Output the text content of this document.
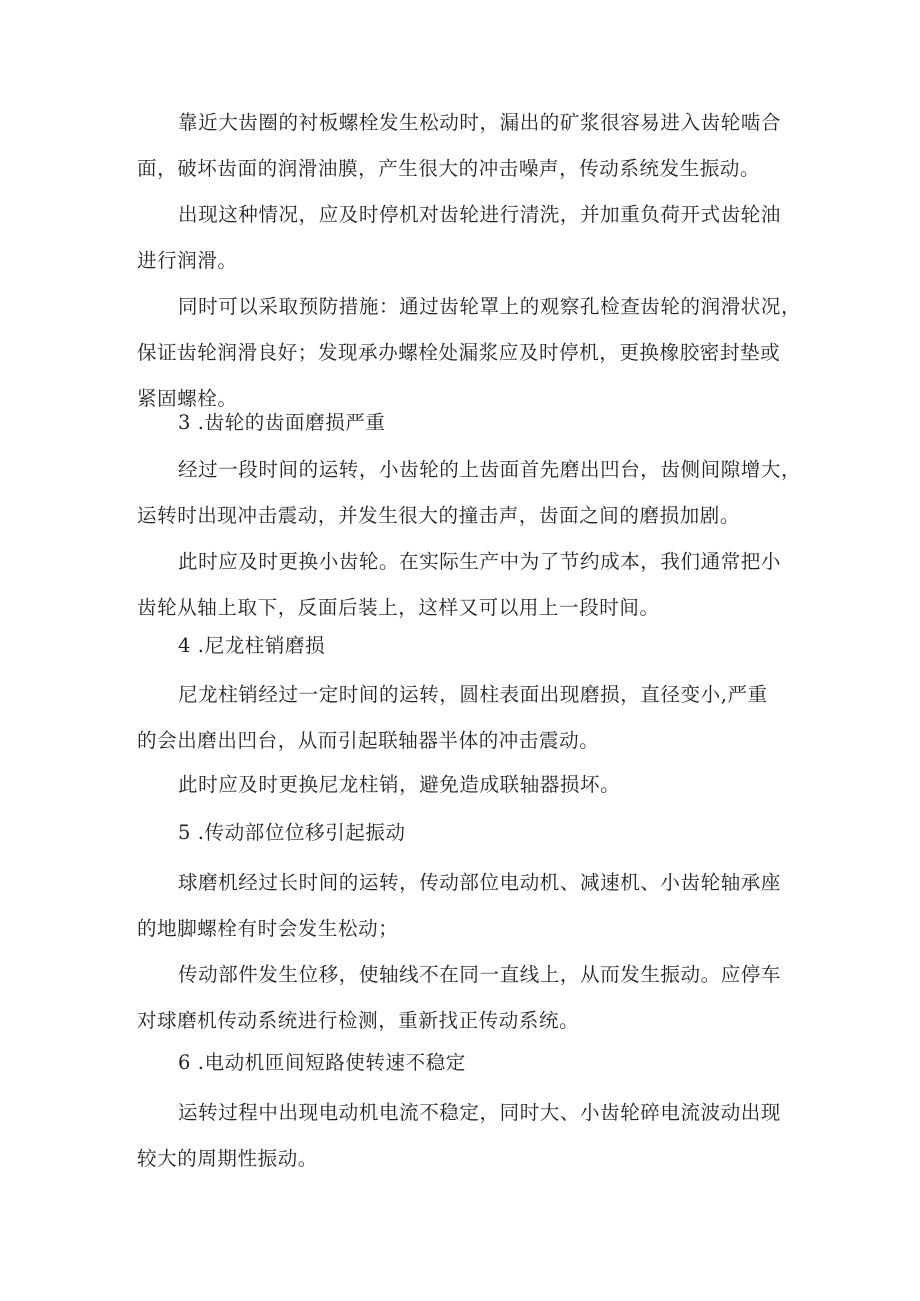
靠近大齿圈的衬板螺栓发生松动时，漏出的矿浆很容易进入齿轮啮合
面，破坏齿面的润滑油膜，产生很大的冲击噪声，传动系统发生振动。

出现这种情况，应及时停机对齿轮进行清洗，并加重负荷开式齿轮油
进行润滑。

同时可以采取预防措施：通过齿轮罩上的观察孔检查齿轮的润滑状况，
保证齿轮润滑良好；发现承办螺栓处漏浆应及时停机，更换橡胶密封垫或
紧固螺栓。

3 .齿轮的齿面磨损严重

经过一段时间的运转，小齿轮的上齿面首先磨出凹台，齿侧间隙增大，
运转时出现冲击震动，并发生很大的撞击声，齿面之间的磨损加剧。

此时应及时更换小齿轮。在实际生产中为了节约成本，我们通常把小
齿轮从轴上取下，反面后装上，这样又可以用上一段时间。

4 .尼龙柱销磨损

尼龙柱销经过一定时间的运转，圆柱表面出现磨损，直径变小,严重
的会出磨出凹台，从而引起联轴器半体的冲击震动。

此时应及时更换尼龙柱销，避免造成联轴器损坏。

5 .传动部位位移引起振动

球磨机经过长时间的运转，传动部位电动机、减速机、小齿轮轴承座
的地脚螺栓有时会发生松动；

传动部件发生位移，使轴线不在同一直线上，从而发生振动。应停车
对球磨机传动系统进行检测，重新找正传动系统。

6 .电动机匝间短路使转速不稳定

运转过程中出现电动机电流不稳定，同时大、小齿轮碎电流波动出现
较大的周期性振动。
